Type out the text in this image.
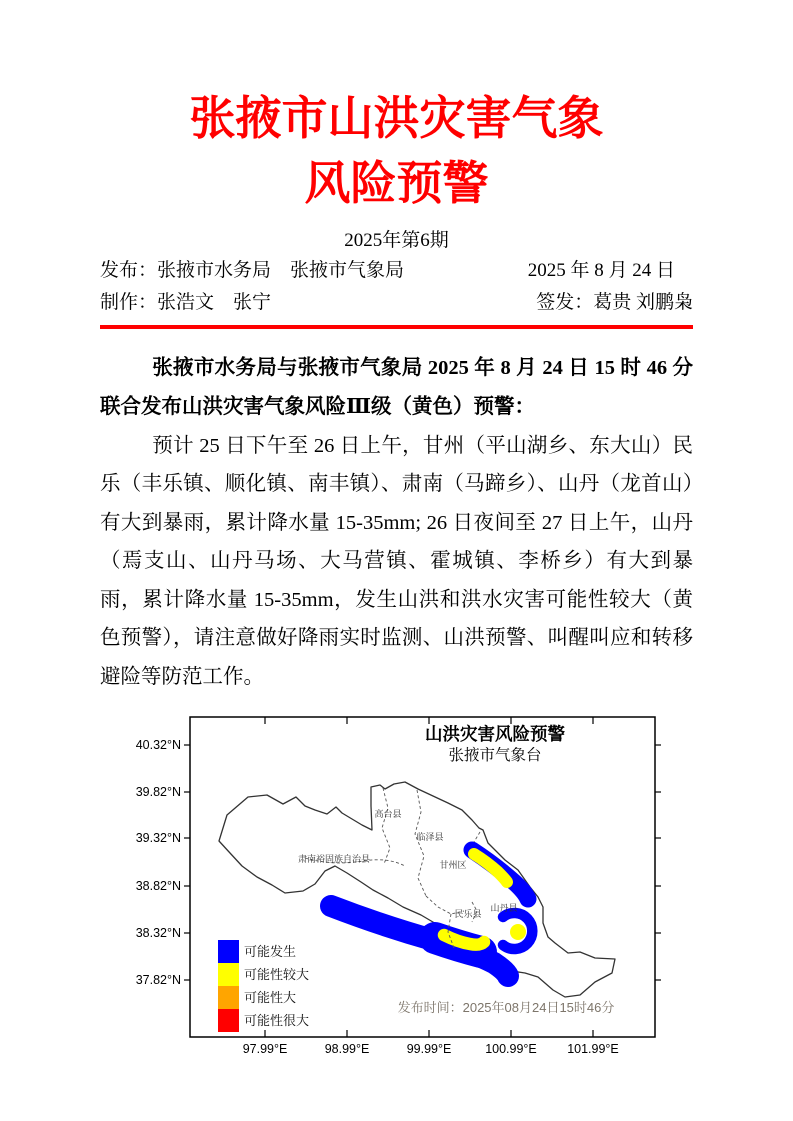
张掖市山洪灾害气象
风险预警
2025年第6期
发布：张掖市水务局　张掖市气象局	2025 年 8 月 24 日
制作：张浩文　张宁	签发：葛贵 刘鹏枭

张掖市水务局与张掖市气象局 2025 年 8 月 24 日 15 时 46 分联合发布山洪灾害气象风险Ⅲ级（黄色）预警：

预计 25 日下午至 26 日上午，甘州（平山湖乡、东大山）民乐（丰乐镇、顺化镇、南丰镇）、肃南（马蹄乡）、山丹（龙首山）有大到暴雨，累计降水量 15-35mm; 26 日夜间至 27 日上午，山丹（焉支山、山丹马场、大马营镇、霍城镇、李桥乡）有大到暴雨，累计降水量 15-35mm，发生山洪和洪水灾害可能性较大（黄色预警），请注意做好降雨实时监测、山洪预警、叫醒叫应和转移避险等防范工作。

高台县
临泽县
甘州区
肃南裕固族自治县
民乐县
山丹县
40.32°N
39.82°N
39.32°N
38.82°N
38.32°N
37.82°N
97.99°E	98.99°E	99.99°E	100.99°E 101.99°E
山洪灾害风险预警
张掖市气象台
可能发生
可能性较大
可能性大
可能性很大
发布时间：2025年08月24日15时46分
